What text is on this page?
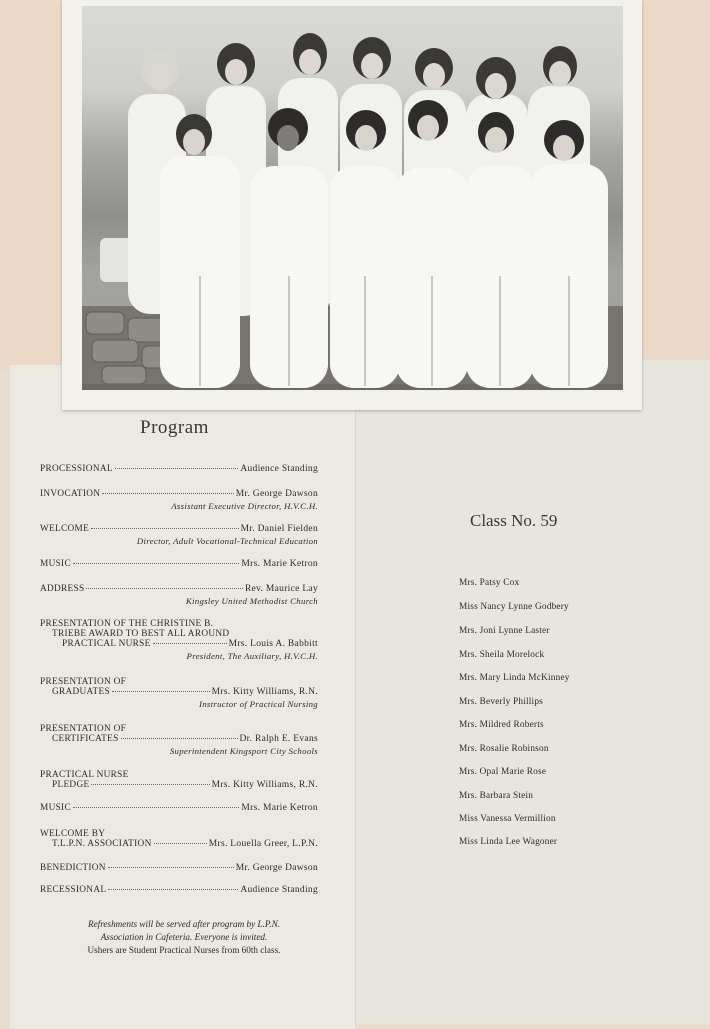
Program
PROCESSIONAL	Audience Standing
INVOCATION	Mr. George Dawson
Assistant Executive Director, H.V.C.H.
WELCOME	Mr. Daniel Fielden
Director, Adult Vocational-Technical Education
MUSIC	Mrs. Marie Ketron
ADDRESS	Rev. Maurice Lay
Kingsley United Methodist Church
PRESENTATION OF THE CHRISTINE B.
TRIEBE AWARD TO BEST ALL AROUND
PRACTICAL NURSE	Mrs. Louis A. Babbitt
President, The Auxiliary, H.V.C.H.
PRESENTATION OF
GRADUATES	Mrs. Kitty Williams, R.N.
Instructor of Practical Nursing
PRESENTATION OF
CERTIFICATES	Dr. Ralph E. Evans
Superintendent Kingsport City Schools
PRACTICAL NURSE
PLEDGE	Mrs. Kitty Williams, R.N.
MUSIC	Mrs. Marie Ketron
WELCOME BY
T.L.P.N. ASSOCIATION	Mrs. Louella Greer, L.P.N.
BENEDICTION	Mr. George Dawson
RECESSIONAL	Audience Standing
Refreshments will be served after program by L.P.N.
Association in Cafeteria. Everyone is invited.
Ushers are Student Practical Nurses from 60th class.
Class No. 59
Mrs. Patsy Cox
Miss Nancy Lynne Godbery
Mrs. Joni Lynne Laster
Mrs. Sheila Morelock
Mrs. Mary Linda McKinney
Mrs. Beverly Phillips
Mrs. Mildred Roberts
Mrs. Rosalie Robinson
Mrs. Opal Marie Rose
Mrs. Barbara Stein
Miss Vanessa Vermillion
Miss Linda Lee Wagoner
